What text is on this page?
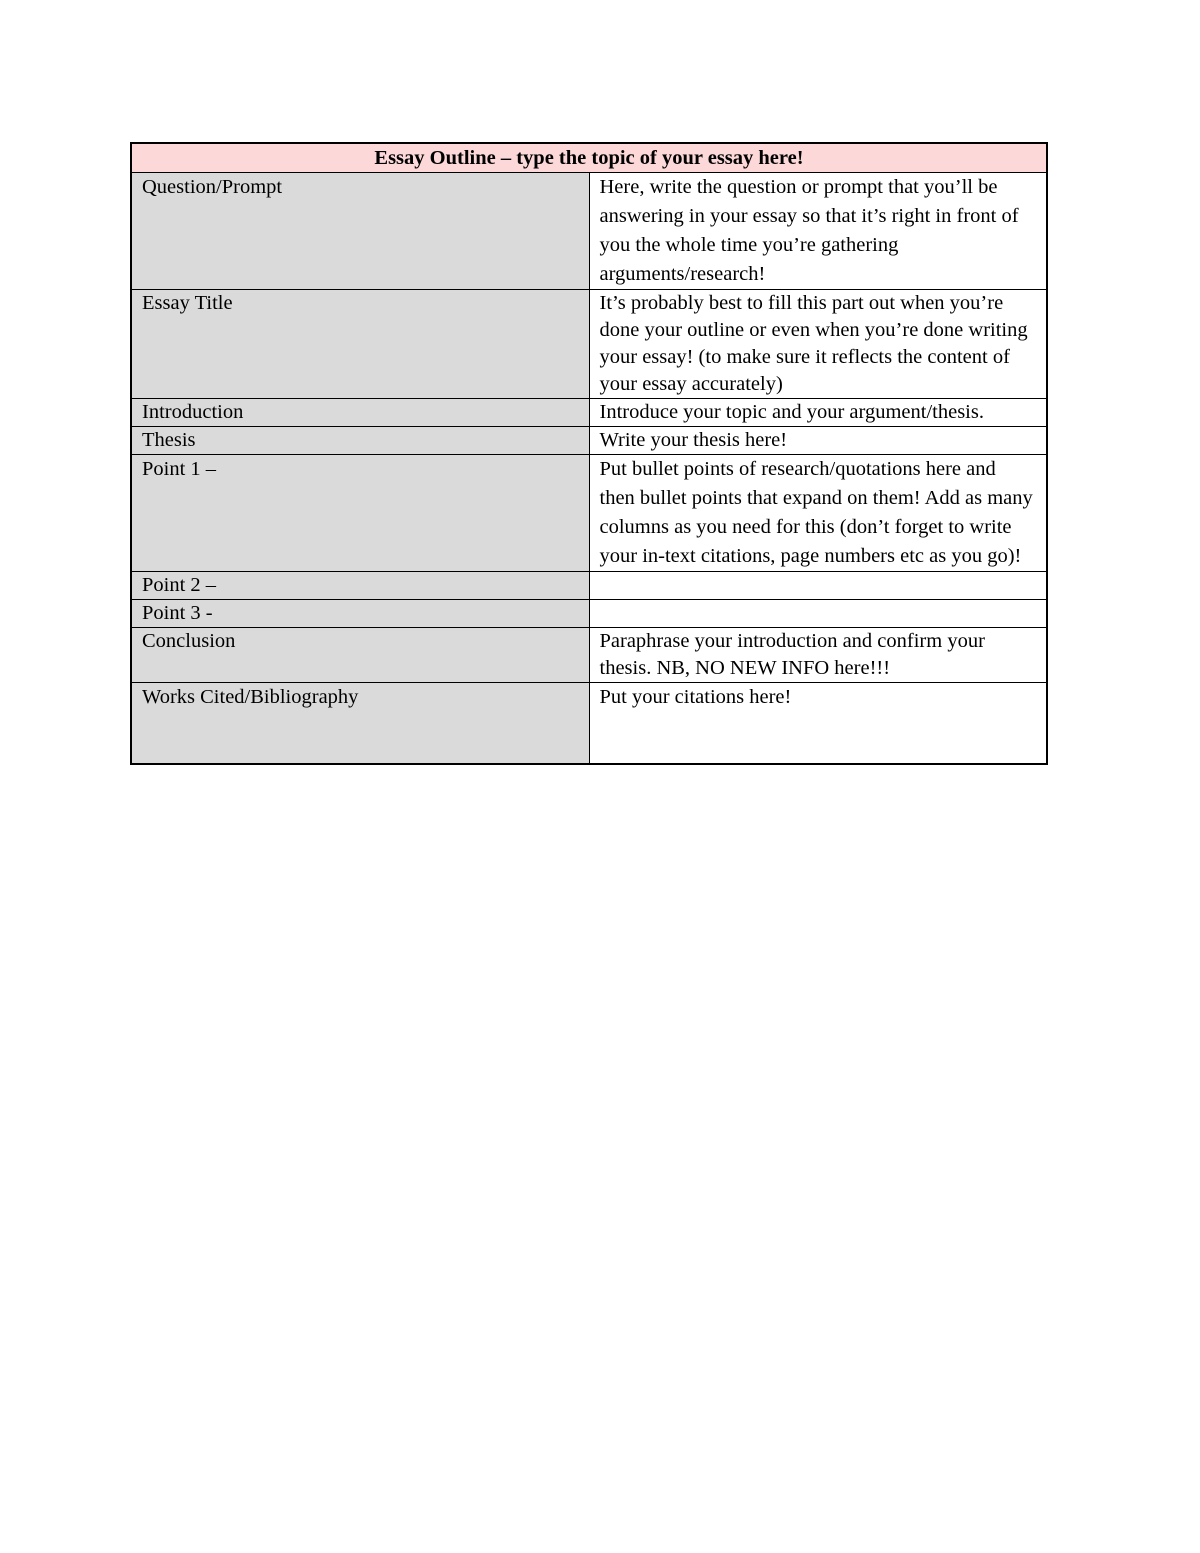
Essay Outline – type the topic of your essay here!	
Question/Prompt	Here, write the question or prompt that you’ll be answering in your essay so that it’s right in front of you the whole time you’re gathering arguments/research!
Essay Title	It’s probably best to fill this part out when you’re done your outline or even when you’re done writing your essay! (to make sure it reflects the content of your essay accurately)
Introduction	Introduce your topic and your argument/thesis.
Thesis	Write your thesis here!
Point 1 –	Put bullet points of research/quotations here and then bullet points that expand on them! Add as many columns as you need for this (don’t forget to write your in-text citations, page numbers etc as you go)!
Point 2 –	
Point 3 -	
Conclusion	Paraphrase your introduction and confirm your thesis. NB, NO NEW INFO here!!!
Works Cited/Bibliography	Put your citations here!
